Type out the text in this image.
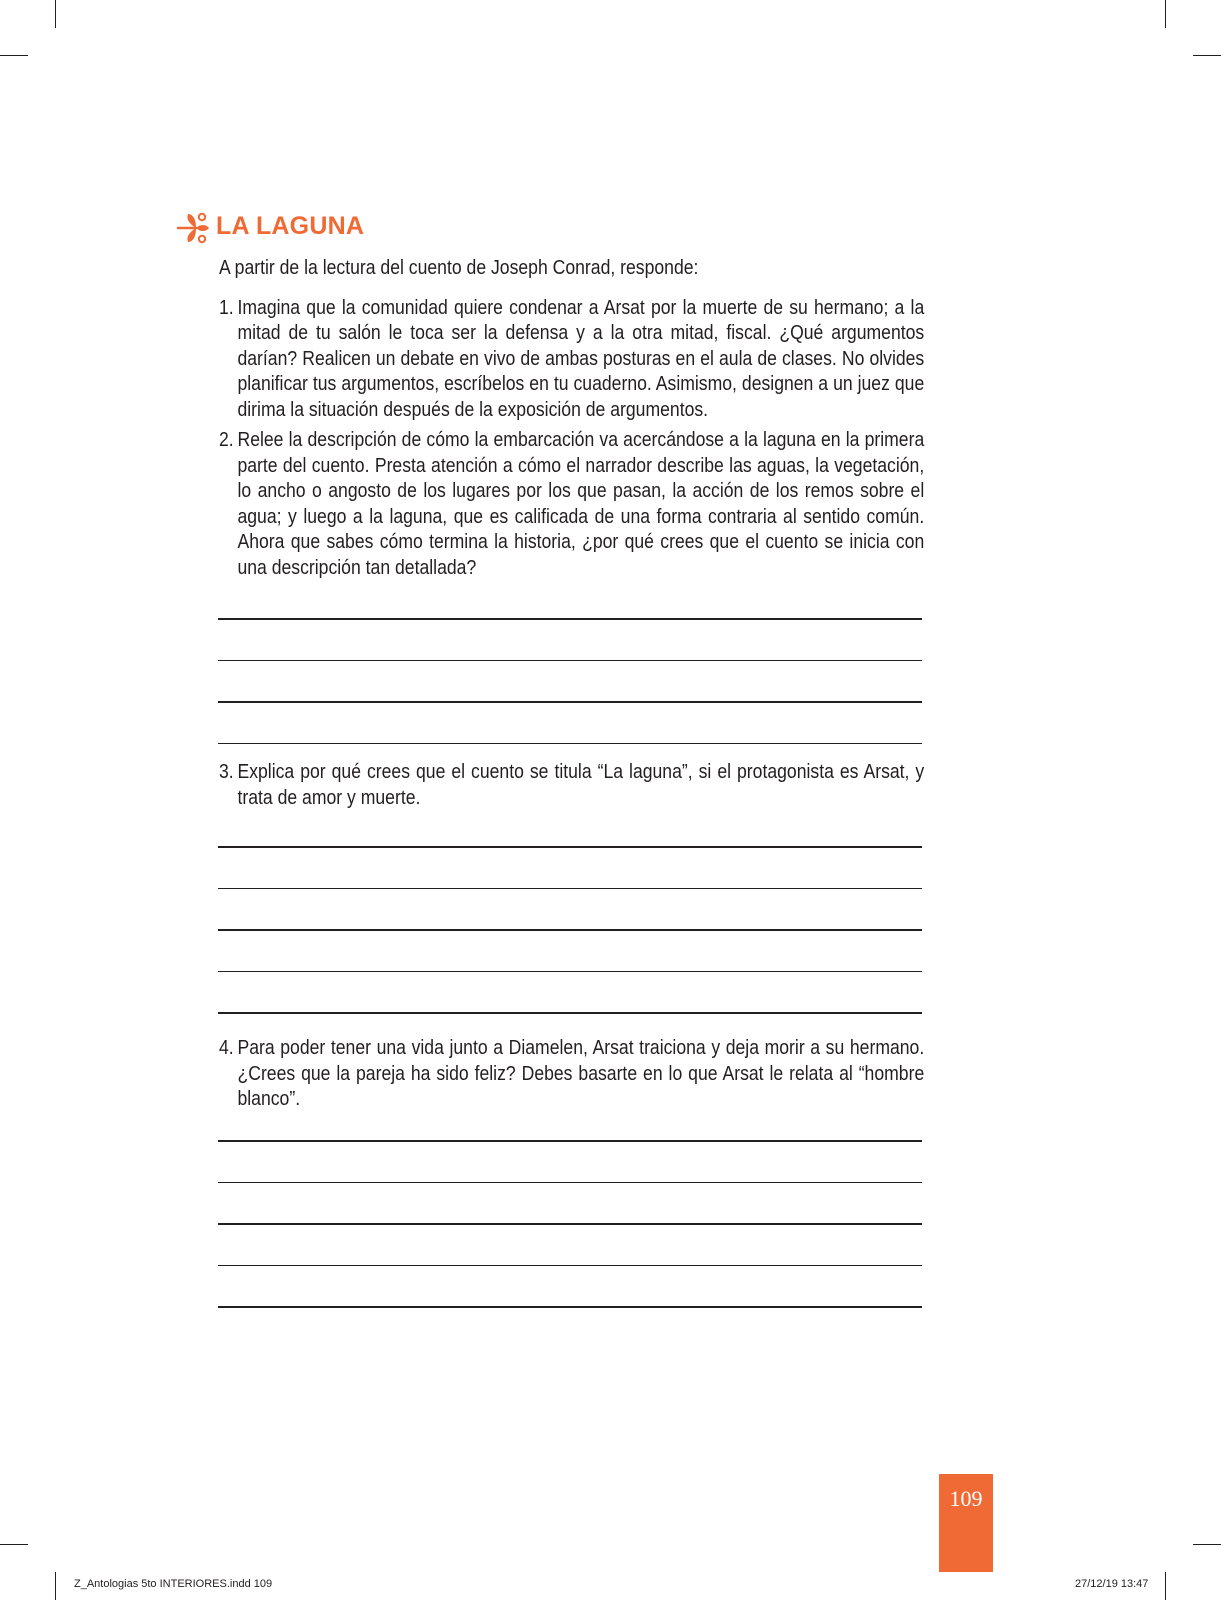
LA LAGUNA

A partir de la lectura del cuento de Joseph Conrad, responde:

1. Imagina que la comunidad quiere condenar a Arsat por la muerte de su hermano; a la mitad de tu salón le toca ser la defensa y a la otra mitad, fiscal. ¿Qué argumentos darían? Realicen un debate en vivo de ambas posturas en el aula de clases. No olvides planificar tus argumentos, escríbelos en tu cuaderno. Asimismo, designen a un juez que dirima la situación después de la exposición de argumentos.
2. Relee la descripción de cómo la embarcación va acercándose a la laguna en la primera parte del cuento. Presta atención a cómo el narrador describe las aguas, la vegetación, lo ancho o angosto de los lugares por los que pasan, la acción de los remos sobre el agua; y luego a la laguna, que es calificada de una forma contraria al sentido común. Ahora que sabes cómo termina la historia, ¿por qué crees que el cuento se inicia con una descripción tan detallada?
3. Explica por qué crees que el cuento se titula “La laguna”, si el protagonista es Arsat, y trata de amor y muerte.
4. Para poder tener una vida junto a Diamelen, Arsat traiciona y deja morir a su hermano. ¿Crees que la pareja ha sido feliz? Debes basarte en lo que Arsat le relata al “hombre blanco”.
109
Z_Antologias 5to INTERIORES.indd 109	27/12/19 13:47
